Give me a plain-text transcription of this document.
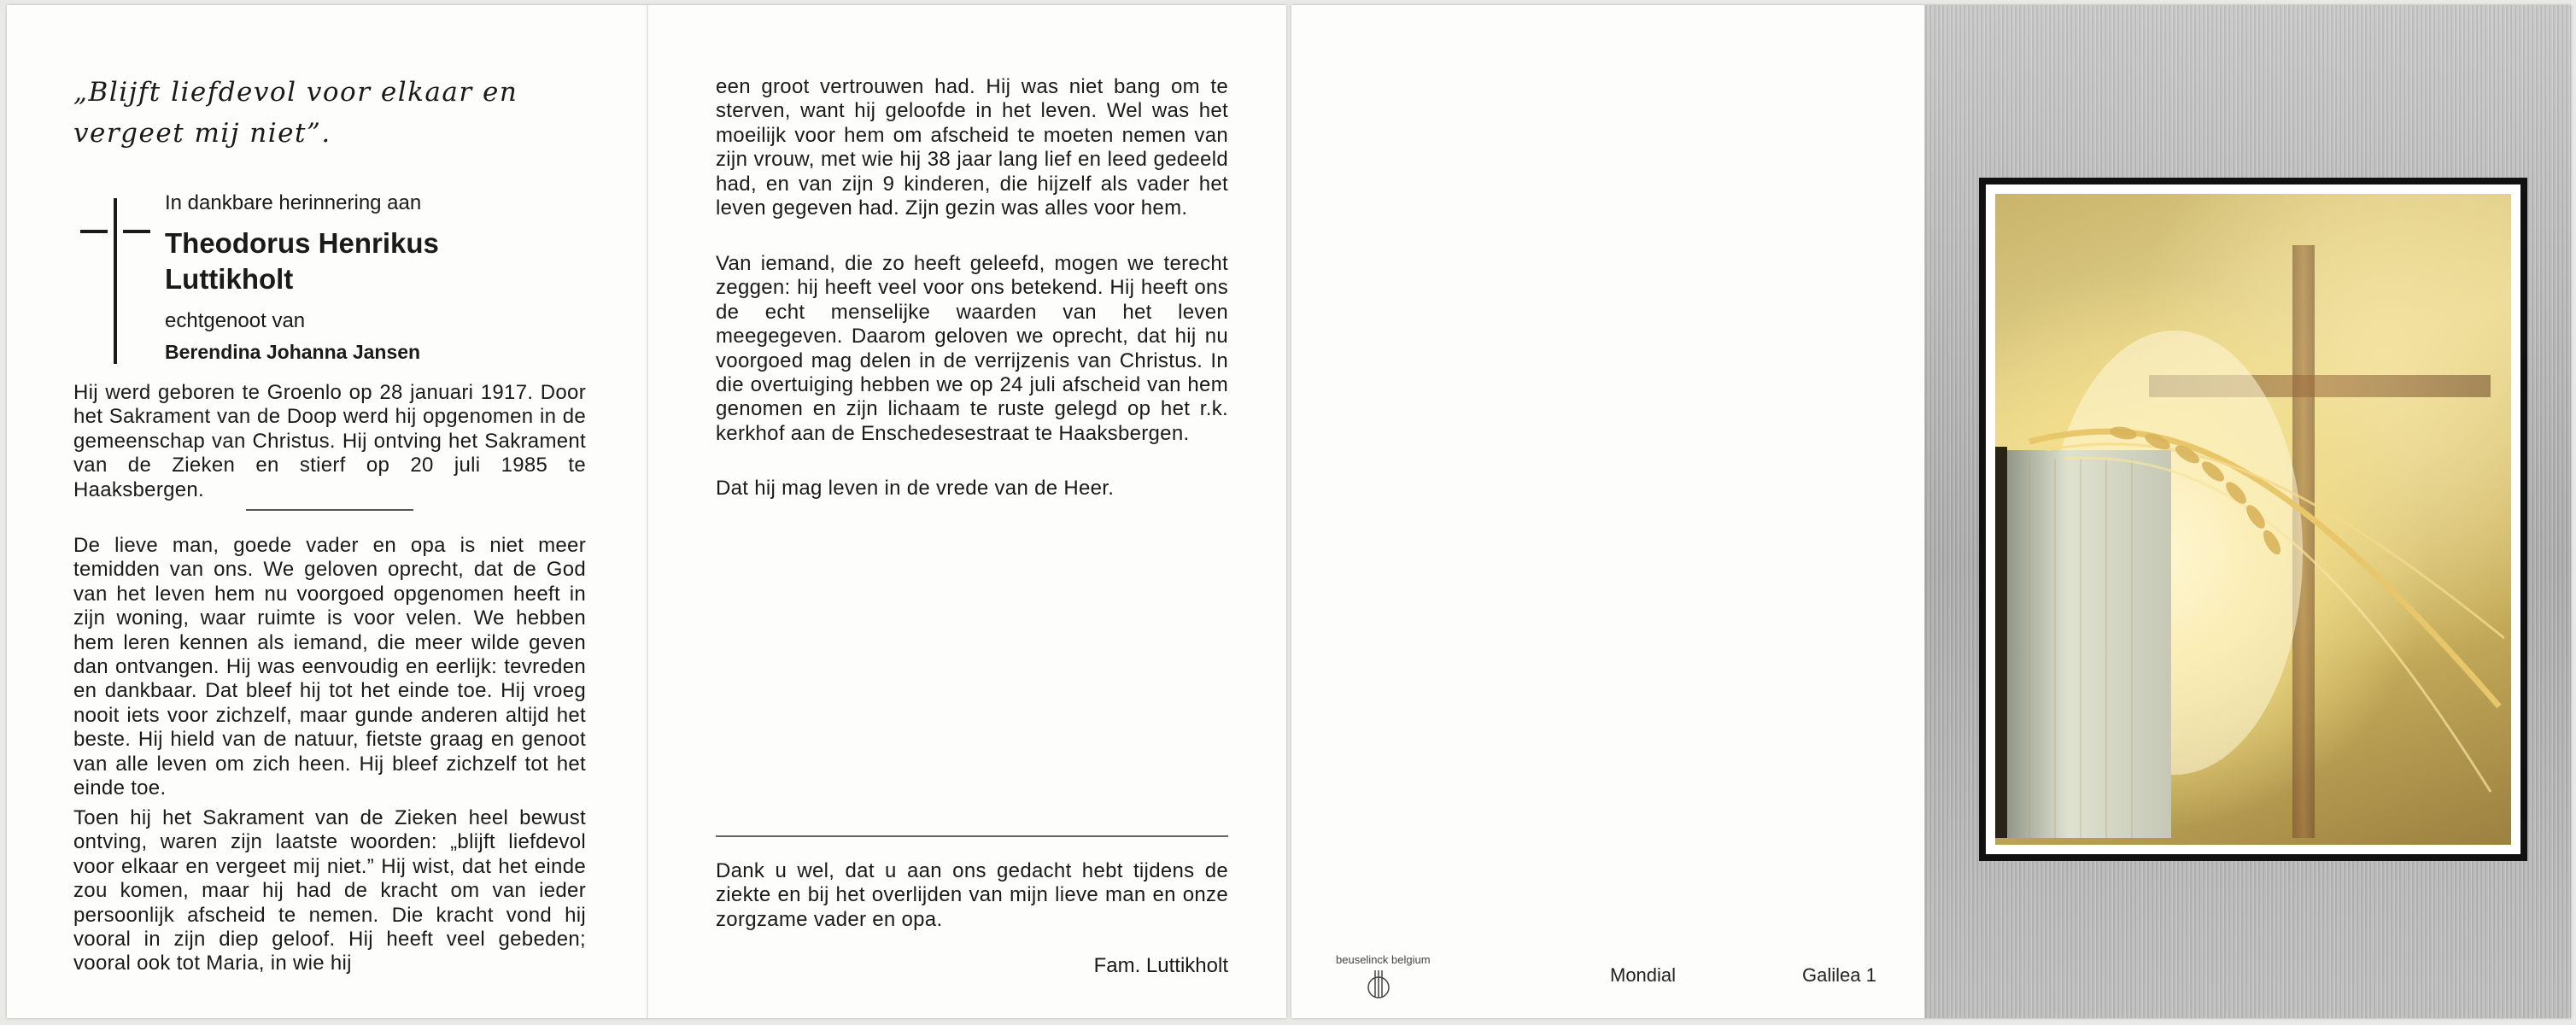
„Blijft liefdevol voor elkaar en vergeet mij niet”.

In dankbare herinnering aan

Theodorus Henrikus Luttikholt

echtgenoot van

Berendina Johanna Jansen

Hij werd geboren te Groenlo op 28 januari 1917. Door het Sakrament van de Doop werd hij opgenomen in de gemeenschap van Christus. Hij ontving het Sakrament van de Zieken en stierf op 20 juli 1985 te Haaksbergen.

De lieve man, goede vader en opa is niet meer temidden van ons. We geloven oprecht, dat de God van het leven hem nu voorgoed opgenomen heeft in zijn woning, waar ruimte is voor velen. We hebben hem leren kennen als iemand, die meer wilde geven dan ontvangen. Hij was eenvoudig en eerlijk: tevreden en dankbaar. Dat bleef hij tot het einde toe. Hij vroeg nooit iets voor zichzelf, maar gunde anderen altijd het beste. Hij hield van de natuur, fietste graag en genoot van alle leven om zich heen. Hij bleef zichzelf tot het einde toe.

Toen hij het Sakrament van de Zieken heel bewust ontving, waren zijn laatste woorden: „blijft liefdevol voor elkaar en vergeet mij niet.” Hij wist, dat het einde zou komen, maar hij had de kracht om van ieder persoonlijk afscheid te nemen. Die kracht vond hij vooral in zijn diep geloof. Hij heeft veel gebeden; vooral ook tot Maria, in wie hij

een groot vertrouwen had. Hij was niet bang om te sterven, want hij geloofde in het leven. Wel was het moeilijk voor hem om afscheid te moeten nemen van zijn vrouw, met wie hij 38 jaar lang lief en leed gedeeld had, en van zijn 9 kinderen, die hijzelf als vader het leven gegeven had. Zijn gezin was alles voor hem.

Van iemand, die zo heeft geleefd, mogen we terecht zeggen: hij heeft veel voor ons betekend. Hij heeft ons de echt menselijke waarden van het leven meegegeven. Daarom geloven we oprecht, dat hij nu voorgoed mag delen in de verrijzenis van Christus. In die overtuiging hebben we op 24 juli afscheid van hem genomen en zijn lichaam te ruste gelegd op het r.k. kerkhof aan de Enschedesestraat te Haaksbergen.

Dat hij mag leven in de vrede van de Heer.

Dank u wel, dat u aan ons gedacht hebt tijdens de ziekte en bij het overlijden van mijn lieve man en onze zorgzame vader en opa.

Fam. Luttikholt	beuselinck belgium

Mondial	Galilea 1
